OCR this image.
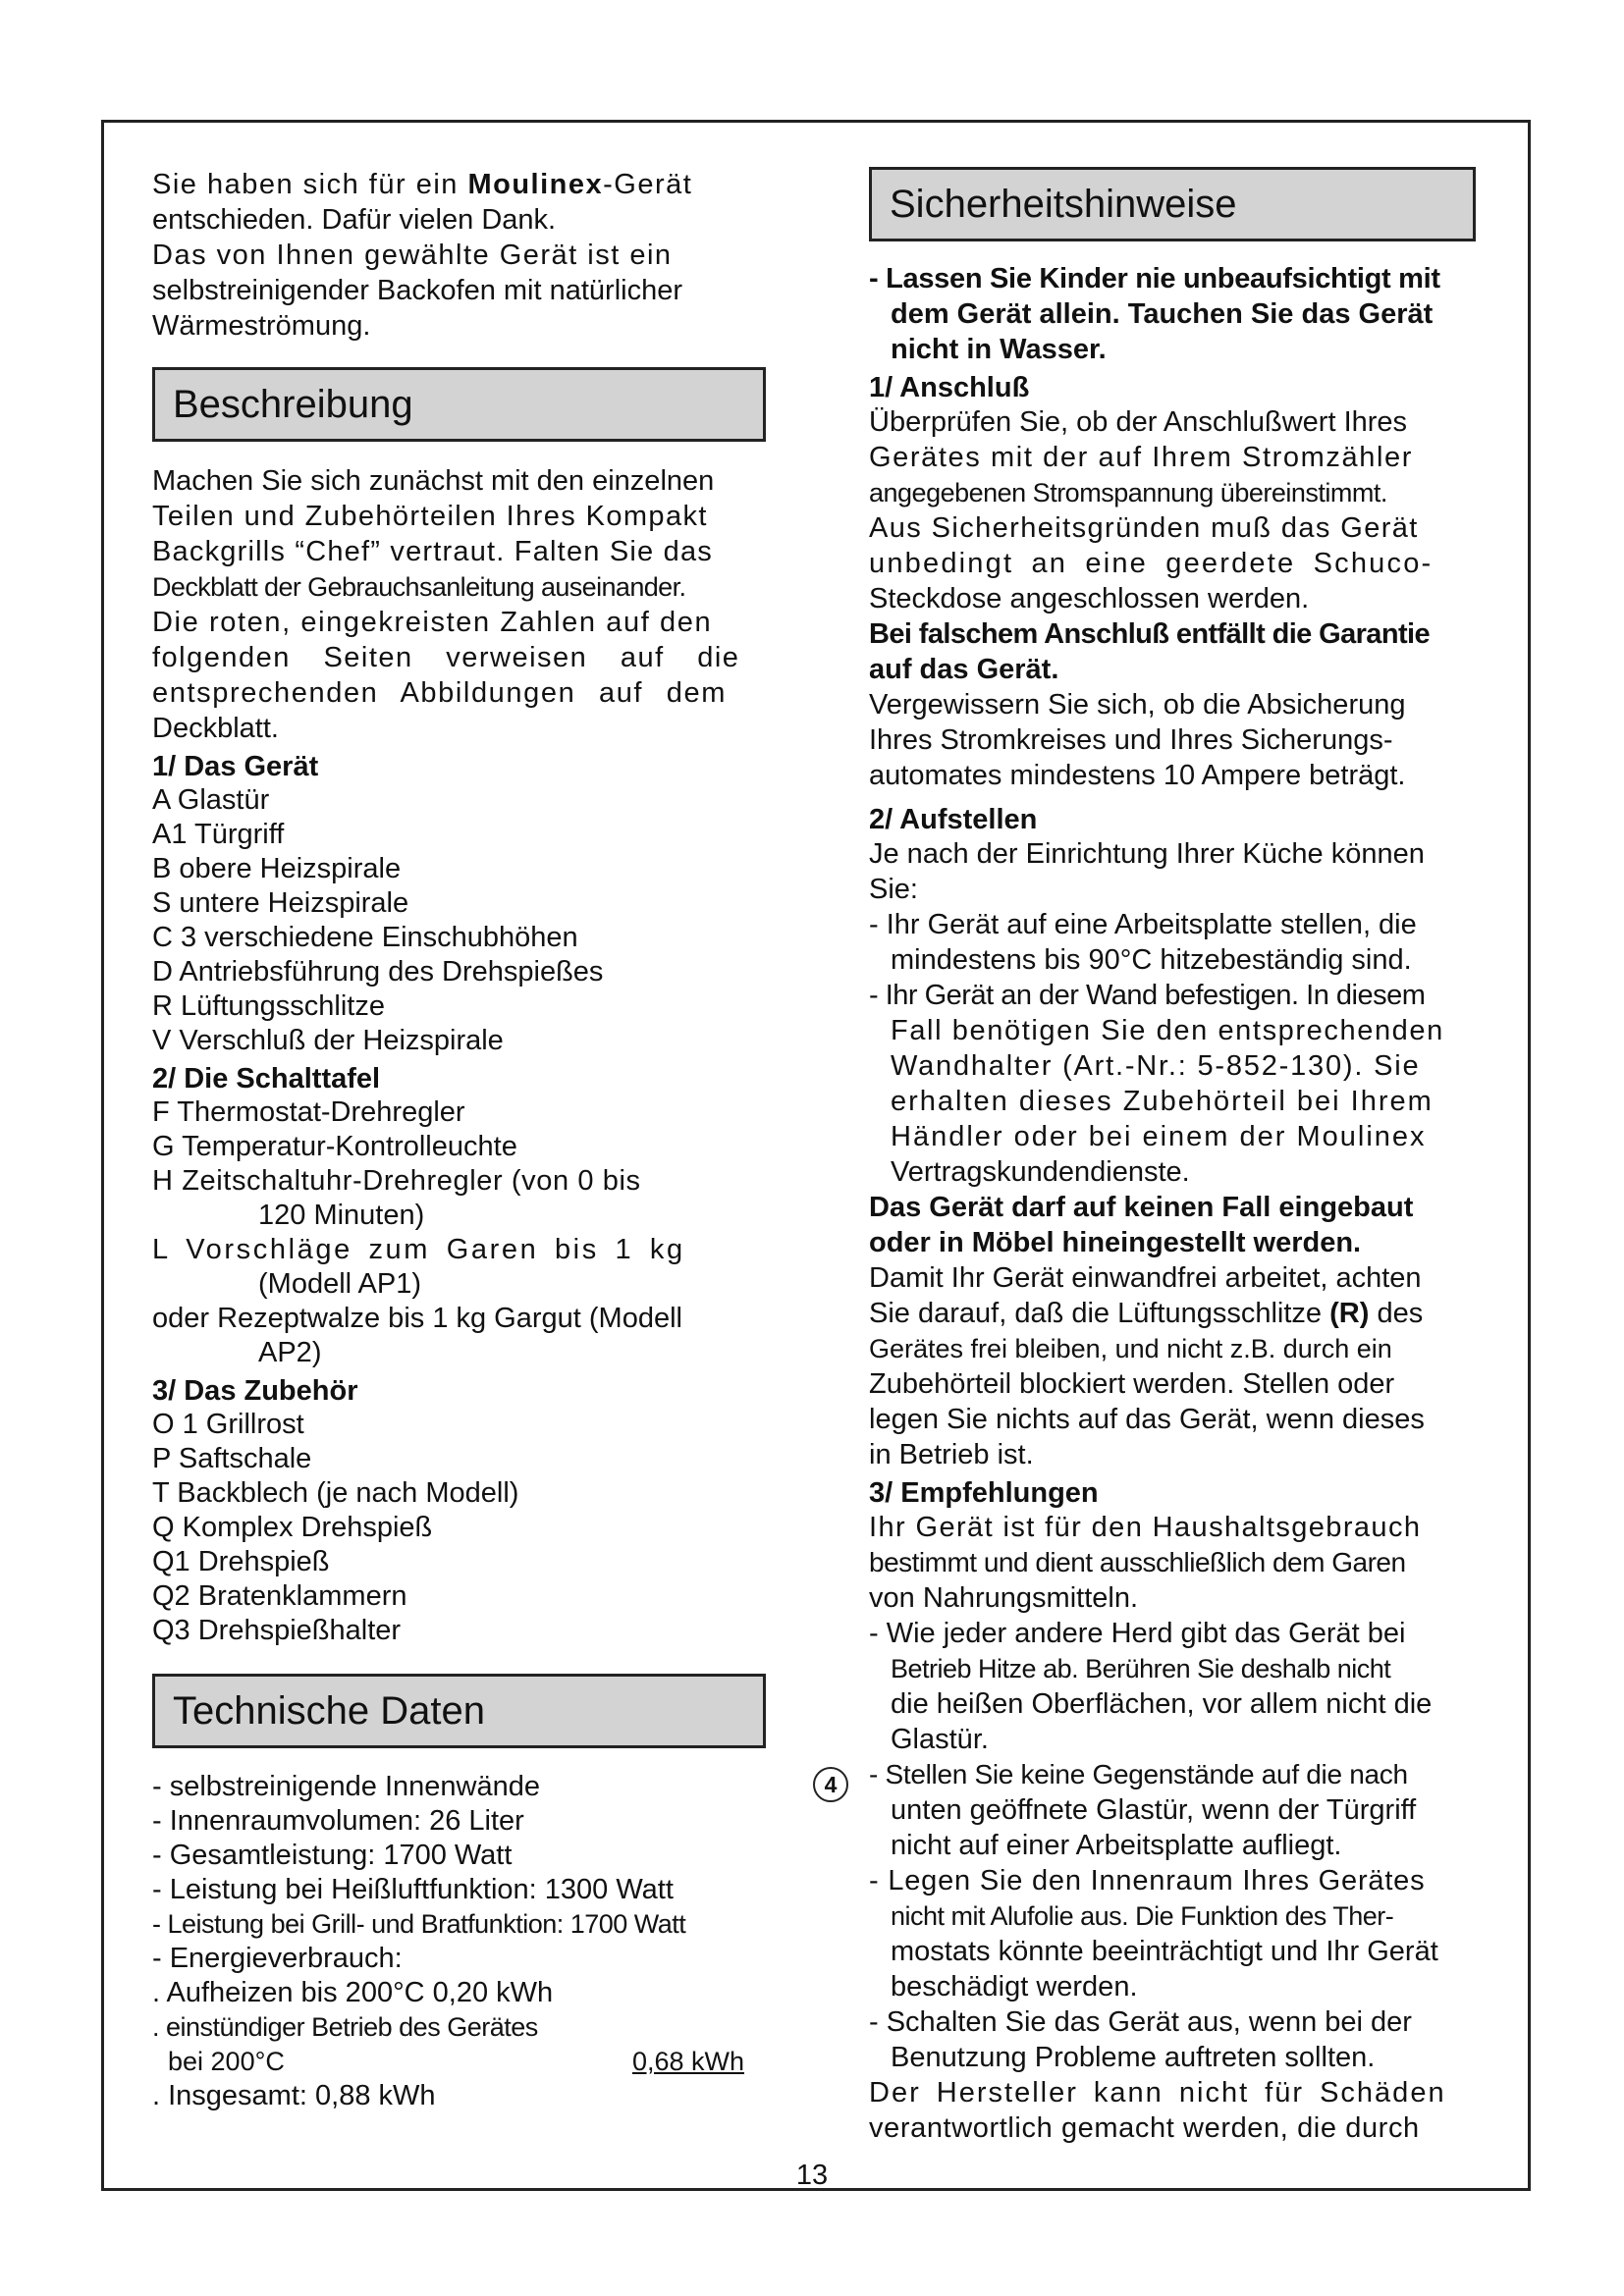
Sie haben sich für ein Moulinex-Gerät

entschieden. Dafür vielen Dank.

Das von Ihnen gewählte Gerät ist ein

selbstreinigender Backofen mit natürlicher

Wärmeströmung.

Beschreibung

Machen Sie sich zunächst mit den einzelnen

Teilen und Zubehörteilen Ihres Kompakt

Backgrills “Chef” vertraut. Falten Sie das

Deckblatt der Gebrauchsanleitung auseinander.

Die roten, eingekreisten Zahlen auf den

folgenden Seiten verweisen auf die

entsprechenden Abbildungen auf dem

Deckblatt.

1/ Das Gerät

A Glastür

A1 Türgriff

B obere Heizspirale

S untere Heizspirale

C 3 verschiedene Einschubhöhen

D Antriebsführung des Drehspießes

R Lüftungsschlitze

V Verschluß der Heizspirale

2/ Die Schalttafel

F Thermostat-Drehregler

G Temperatur-Kontrolleuchte

H Zeitschaltuhr-Drehregler (von 0 bis

120 Minuten)

L Vorschläge zum Garen bis 1 kg

(Modell AP1)

oder Rezeptwalze bis 1 kg Gargut (Modell

AP2)

3/ Das Zubehör

O 1 Grillrost

P Saftschale

T Backblech (je nach Modell)

Q Komplex Drehspieß

Q1 Drehspieß

Q2 Bratenklammern

Q3 Drehspießhalter

Technische Daten

- selbstreinigende Innenwände

- Innenraumvolumen: 26 Liter

- Gesamtleistung: 1700 Watt

- Leistung bei Heißluftfunktion: 1300 Watt

- Leistung bei Grill- und Bratfunktion: 1700 Watt

- Energieverbrauch:

. Aufheizen bis 200°C 0,20 kWh

. einstündiger Betrieb des Gerätes

bei 200°C	0,68 kWh

. Insgesamt: 0,88 kWh

Sicherheitshinweise

- Lassen Sie Kinder nie unbeaufsichtigt mit

dem Gerät allein. Tauchen Sie das Gerät

nicht in Wasser.

1/ Anschluß

Überprüfen Sie, ob der Anschlußwert Ihres

Gerätes mit der auf Ihrem Stromzähler

angegebenen Stromspannung übereinstimmt.

Aus Sicherheitsgründen muß das Gerät

unbedingt an eine geerdete Schuco-

Steckdose angeschlossen werden.

Bei falschem Anschluß entfällt die Garantie

auf das Gerät.

Vergewissern Sie sich, ob die Absicherung

Ihres Stromkreises und Ihres Sicherungs-

automates mindestens 10 Ampere beträgt.

2/ Aufstellen

Je nach der Einrichtung Ihrer Küche können

Sie:

- Ihr Gerät auf eine Arbeitsplatte stellen, die

mindestens bis 90°C hitzebeständig sind.

- Ihr Gerät an der Wand befestigen. In diesem

Fall benötigen Sie den entsprechenden

Wandhalter (Art.-Nr.: 5-852-130). Sie

erhalten dieses Zubehörteil bei Ihrem

Händler oder bei einem der Moulinex

Vertragskundendienste.

Das Gerät darf auf keinen Fall eingebaut

oder in Möbel hineingestellt werden.

Damit Ihr Gerät einwandfrei arbeitet, achten

Sie darauf, daß die Lüftungsschlitze (R) des

Gerätes frei bleiben, und nicht z.B. durch ein

Zubehörteil blockiert werden. Stellen oder

legen Sie nichts auf das Gerät, wenn dieses

in Betrieb ist.

3/ Empfehlungen

Ihr Gerät ist für den Haushaltsgebrauch

bestimmt und dient ausschließlich dem Garen

von Nahrungsmitteln.

- Wie jeder andere Herd gibt das Gerät bei

Betrieb Hitze ab. Berühren Sie deshalb nicht

die heißen Oberflächen, vor allem nicht die

Glastür.

- Stellen Sie keine Gegenstände auf die nach

unten geöffnete Glastür, wenn der Türgriff

nicht auf einer Arbeitsplatte aufliegt.

- Legen Sie den Innenraum Ihres Gerätes

nicht mit Alufolie aus. Die Funktion des Ther-

mostats könnte beeinträchtigt und Ihr Gerät

beschädigt werden.

- Schalten Sie das Gerät aus, wenn bei der

Benutzung Probleme auftreten sollten.

Der Hersteller kann nicht für Schäden

verantwortlich gemacht werden, die durch

4
13
